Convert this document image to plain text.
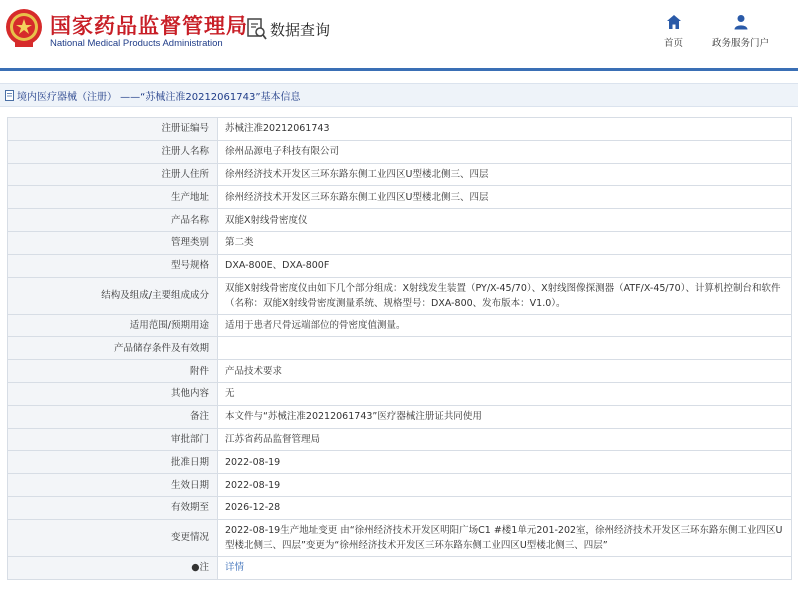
国家药品监督管理局
National Medical Products Administration
数据查询
首页	政务服务门户
境内医疗器械（注册） ——“苏械注准20212061743”基本信息
注册证编号	苏械注准20212061743
注册人名称	徐州品源电子科技有限公司
注册人住所	徐州经济技术开发区三环东路东侧工业四区U型楼北侧三、四层
生产地址	徐州经济技术开发区三环东路东侧工业四区U型楼北侧三、四层
产品名称	双能X射线骨密度仪
管理类别	第二类
型号规格	DXA-800E、DXA-800F
结构及组成/主要组成成分	双能X射线骨密度仪由如下几个部分组成：X射线发生装置（PY/X-45/70）、X射线图像探测器（ATF/X-45/70）、计算机控制台和软件（名称：双能X射线骨密度测量系统、规格型号：DXA-800、发布版本：V1.0）。
适用范围/预期用途	适用于患者尺骨远端部位的骨密度值测量。
产品储存条件及有效期	
附件	产品技术要求
其他内容	无
备注	本文件与“苏械注准20212061743”医疗器械注册证共同使用
审批部门	江苏省药品监督管理局
批准日期	2022-08-19
生效日期	2022-08-19
有效期至	2026-12-28
变更情况	2022-08-19生产地址变更 由“徐州经济技术开发区明阳广场C1 #楼1单元201-202室，徐州经济技术开发区三环东路东侧工业四区U型楼北侧三、四层”变更为“徐州经济技术开发区三环东路东侧工业四区U型楼北侧三、四层”
●注	详情
